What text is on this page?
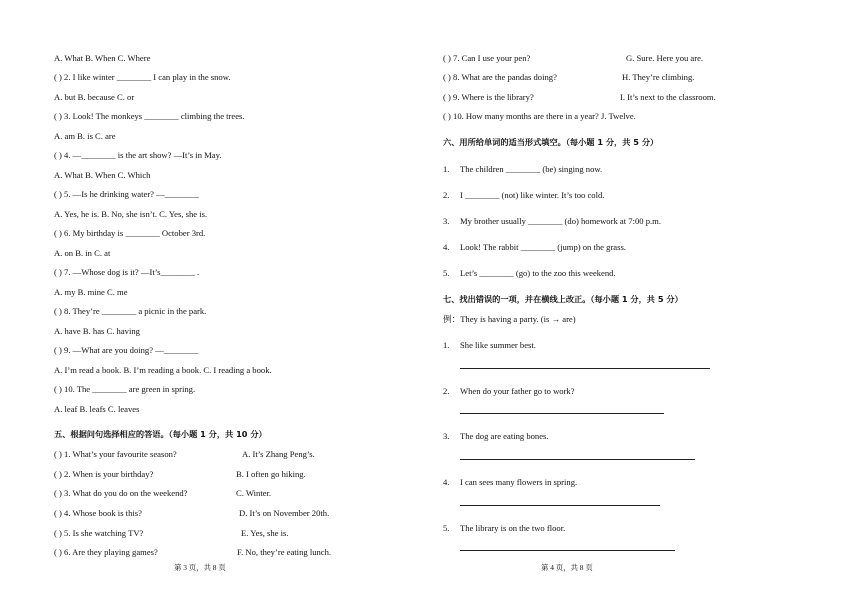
A. What B. When C. Where
( ) 2. I like winter ________ I can play in the snow.
A. but B. because C. or
( ) 3. Look! The monkeys ________ climbing the trees.
A. am B. is C. are
( ) 4. —________ is the art show? —It’s in May.
A. What B. When C. Which
( ) 5. —Is he drinking water? —________
A. Yes, he is. B. No, she isn’t. C. Yes, she is.
( ) 6. My birthday is ________ October 3rd.
A. on B. in C. at
( ) 7. —Whose dog is it? —It’s________ .
A. my B. mine C. me
( ) 8. They’re ________ a picnic in the park.
A. have B. has C. having
( ) 9. —What are you doing? —________
A. I’m read a book. B. I’m reading a book. C. I reading a book.
( ) 10. The ________ are green in spring.
A. leaf B. leafs C. leaves
五、根据问句选择相应的答语。（每小题 1 分，共 10 分）
( ) 1. What’s your favourite season?	A. It’s Zhang Peng’s.
( ) 2. When is your birthday?	B. I often go hiking.
( ) 3. What do you do on the weekend?	C. Winter.
( ) 4. Whose book is this?	D. It’s on November 20th.
( ) 5. Is she watching TV?	E. Yes, she is.
( ) 6. Are they playing games?	F. No, they’re eating lunch.
第 3 页，共 8 页
( ) 7. Can I use your pen?	G. Sure. Here you are.
( ) 8. What are the pandas doing?	H. They’re climbing.
( ) 9. Where is the library?	I. It’s next to the classroom.
( ) 10. How many months are there in a year? J. Twelve.
六、用所给单词的适当形式填空。（每小题 1 分，共 5 分）
1. The children ________ (be) singing now.
2. I ________ (not) like winter. It’s too cold.
3. My brother usually ________ (do) homework at 7:00 p.m.
4. Look! The rabbit ________ (jump) on the grass.
5. Let’s ________ (go) to the zoo this weekend.
七、找出错误的一项，并在横线上改正。（每小题 1 分，共 5 分）
例：They is having a party. (is → are)
1. She like summer best.
2. When do your father go to work?
3. The dog are eating bones.
4. I can sees many flowers in spring.
5. The library is on the two floor.
第 4 页，共 8 页
